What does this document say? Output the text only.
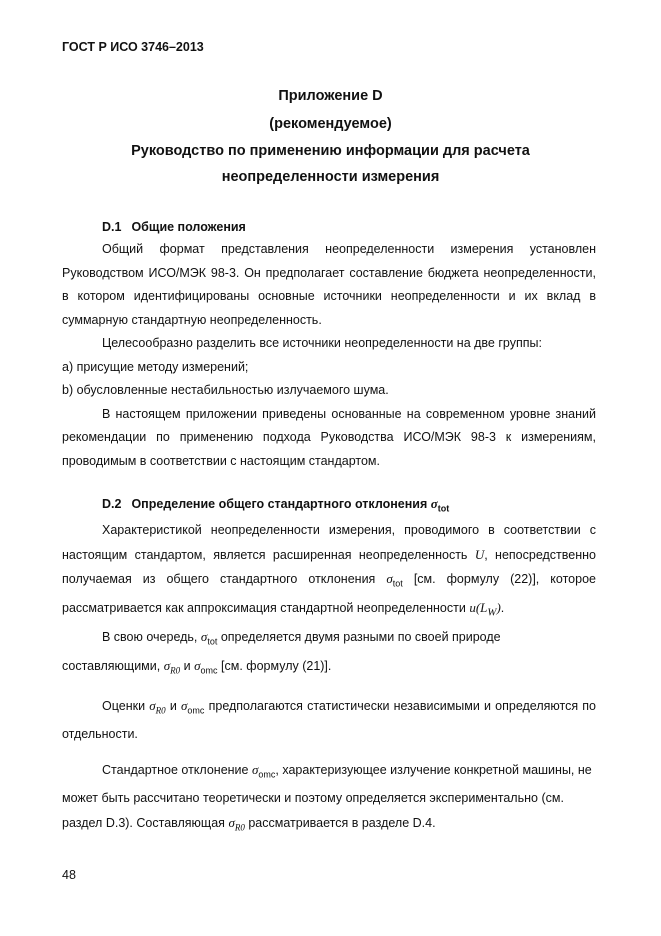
ГОСТ Р ИСО 3746–2013
Приложение D
(рекомендуемое)
Руководство по применению информации для расчета
неопределенности измерения
D.1 Общие положения

Общий формат представления неопределенности измерения установлен Руководством ИСО/МЭК 98-3. Он предполагает составление бюджета неопределенности, в котором идентифицированы основные источники неопределенности и их вклад в суммарную стандартную неопределенность.

Целесообразно разделить все источники неопределенности на две группы:

а) присущие методу измерений;

b) обусловленные нестабильностью излучаемого шума.

В настоящем приложении приведены основанные на современном уровне знаний рекомендации по применению подхода Руководства ИСО/МЭК 98-3 к измерениям, проводимым в соответствии с настоящим стандартом.

D.2 Определение общего стандартного отклонения $\sigma_{tot}$

Характеристикой неопределенности измерения, проводимого в соответствии с настоящим стандартом, является расширенная неопределенность U, непосредственно получаемая из общего стандартного отклонения $\sigma_{tot}$ [см. формулу (22)], которое рассматривается как аппроксимация стандартной неопределенности $u(L_W)$.

В свою очередь, $\sigma_{tot}$ определяется двумя разными по своей природе составляющими, $\sigma_{R0}$ и $\sigma_{omc}$ [см. формулу (21)].

Оценки $\sigma_{R0}$ и $\sigma_{omc}$ предполагаются статистически независимыми и определяются по отдельности.

Стандартное отклонение $\sigma_{omc}$, характеризующее излучение конкретной машины, не может быть рассчитано теоретически и поэтому определяется экспериментально (см. раздел D.3). Составляющая $\sigma_{R0}$ рассматривается в разделе D.4.

48
